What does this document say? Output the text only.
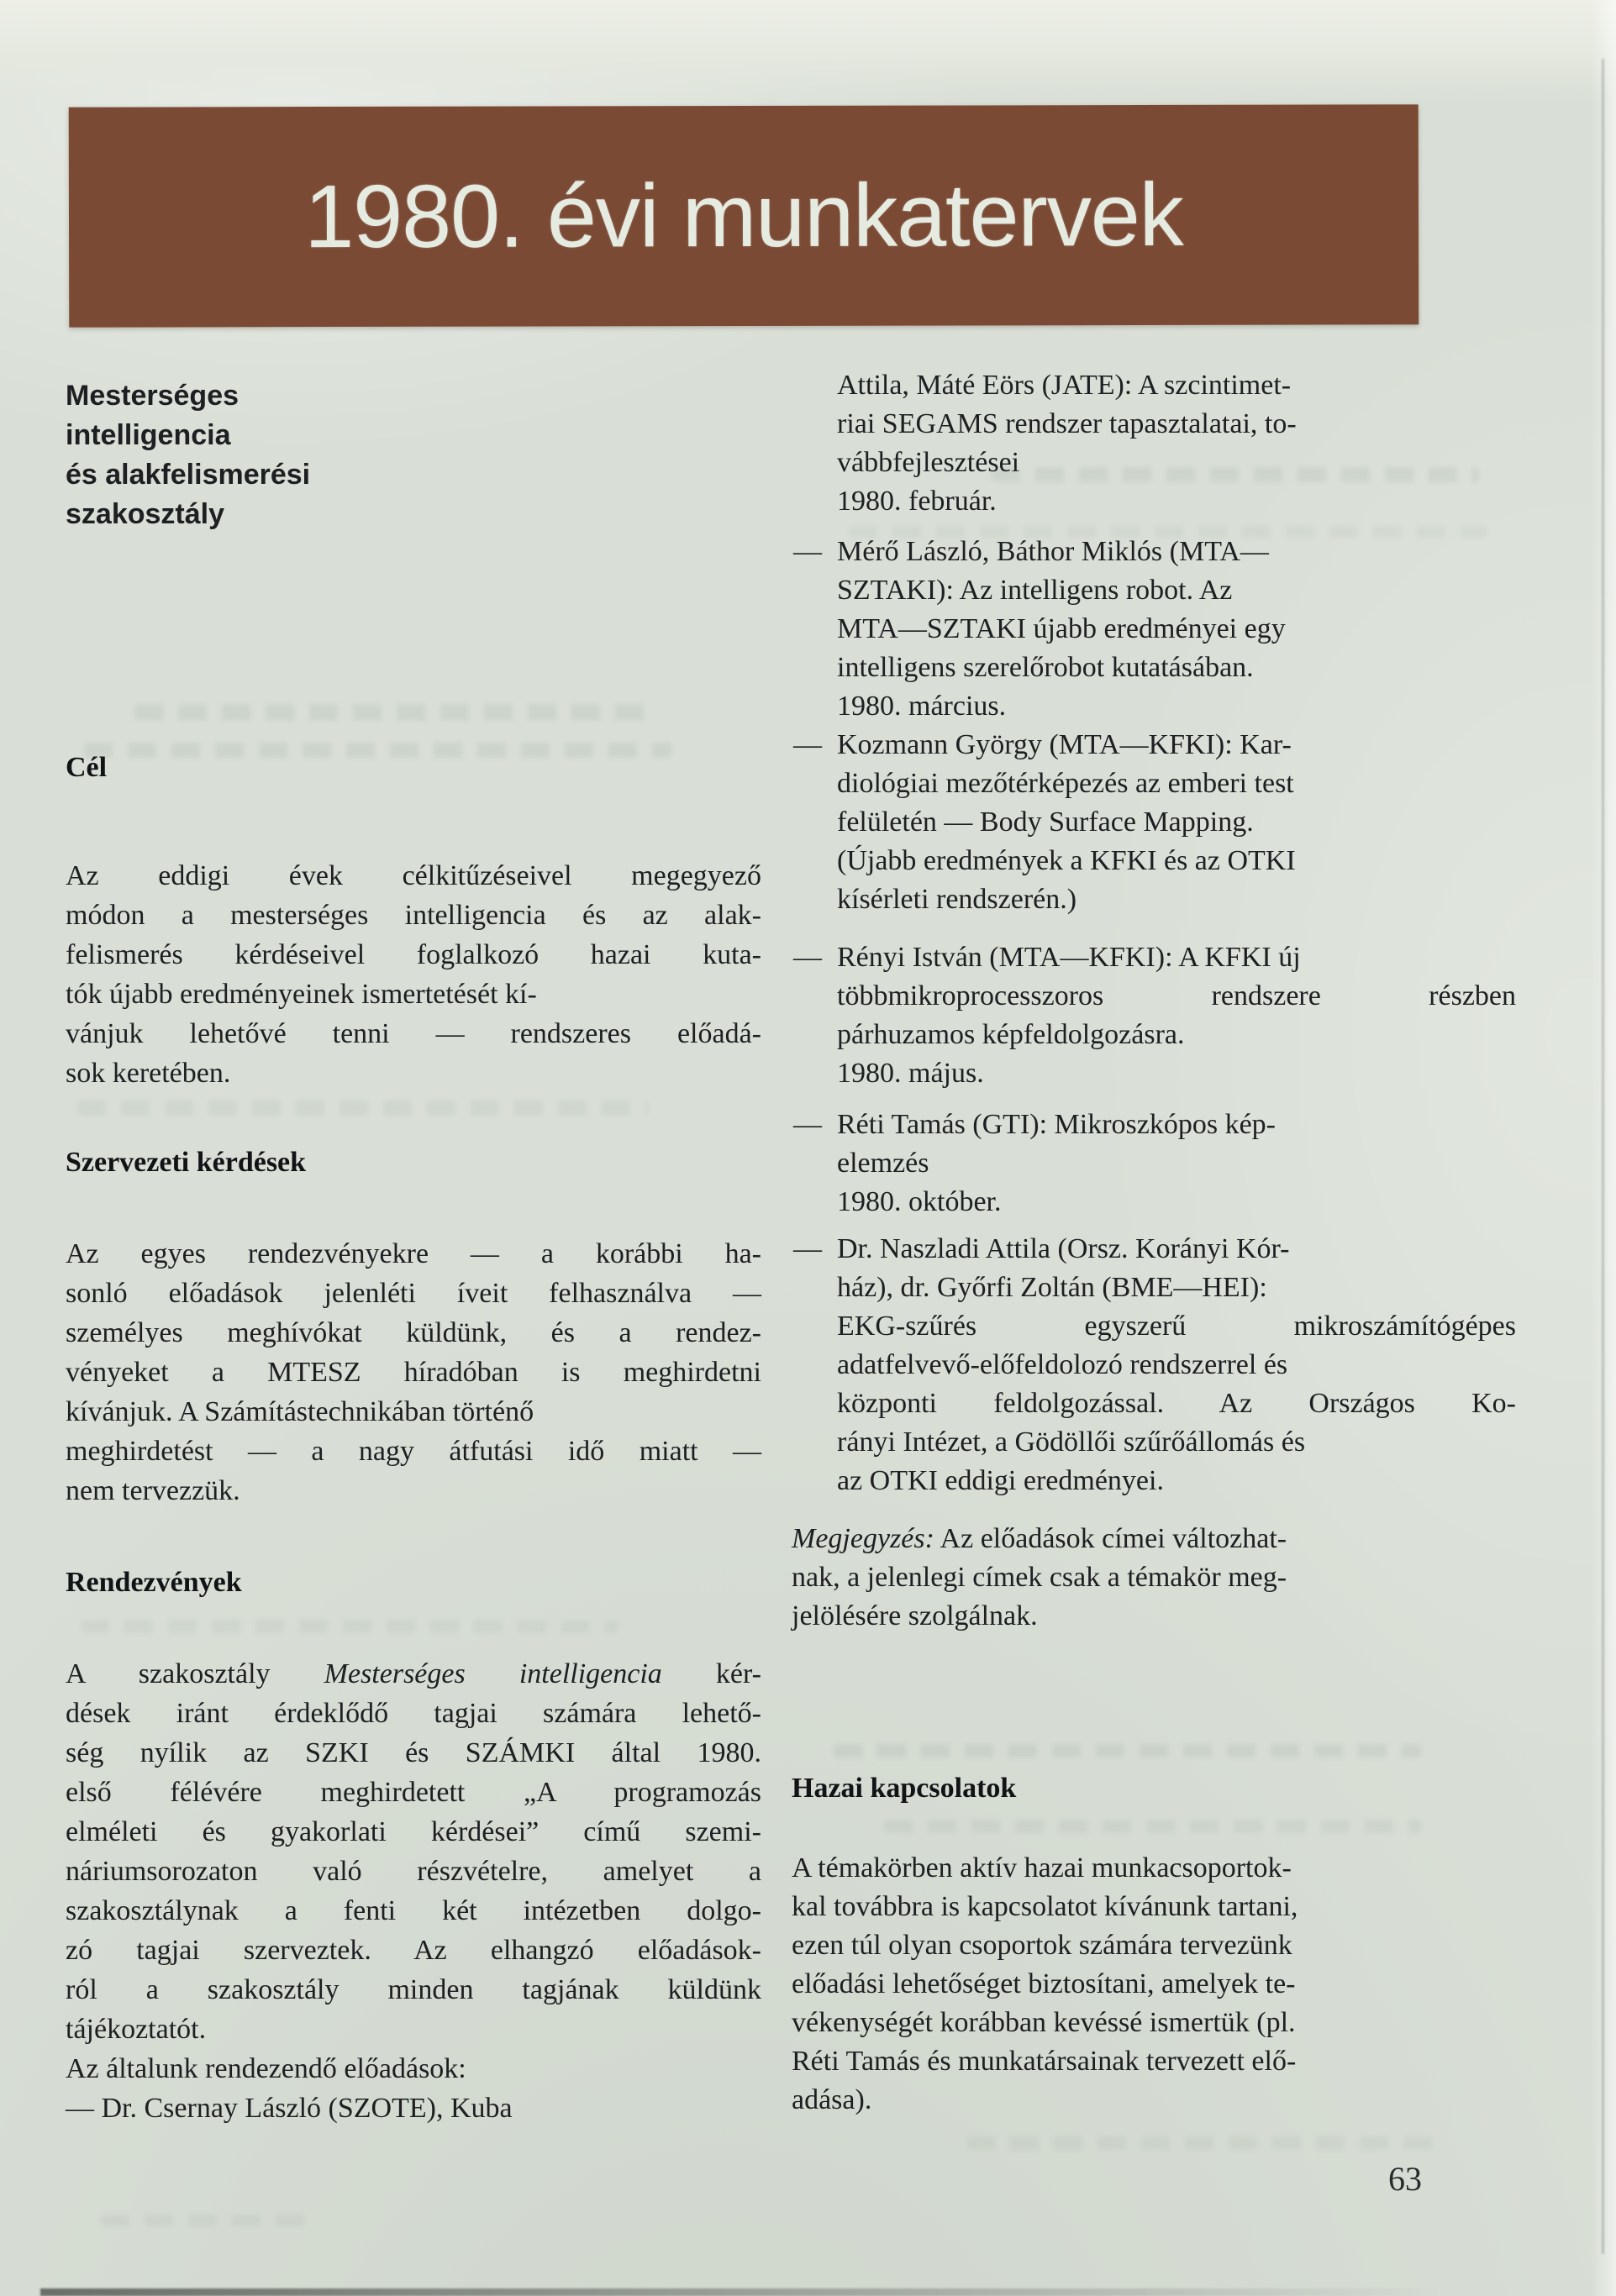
1980. évi munkatervek
Mesterséges
intelligencia
és alakfelismerési
szakosztály
Cél
Az eddigi évek célkitűzéseivel megegyező
módon a mesterséges intelligencia és az alak-
felismerés kérdéseivel foglalkozó hazai kuta-
tók újabb eredményeinek ismertetését kí-
vánjuk lehetővé tenni — rendszeres előadá-
sok keretében.
Szervezeti kérdések
Az egyes rendezvényekre — a korábbi ha-
sonló előadások jelenléti íveit felhasználva —
személyes meghívókat küldünk, és a rendez-
vényeket a MTESZ híradóban is meghirdetni
kívánjuk. A Számítástechnikában történő
meghirdetést — a nagy átfutási idő miatt —
nem tervezzük.
Rendezvények
A szakosztály Mesterséges intelligencia kér-
dések iránt érdeklődő tagjai számára lehető-
ség nyílik az SZKI és SZÁMKI által 1980.
első félévére meghirdetett „A programozás
elméleti és gyakorlati kérdései” című szemi-
náriumsorozaton való részvételre, amelyet a
szakosztálynak a fenti két intézetben dolgo-
zó tagjai szerveztek. Az elhangzó előadások-
ról a szakosztály minden tagjának küldünk
tájékoztatót.
Az általunk rendezendő előadások:
— Dr. Csernay László (SZOTE), Kuba
Attila, Máté Eörs (JATE): A szcintimet-
riai SEGAMS rendszer tapasztalatai, to-
vábbfejlesztései
1980. február.
— Mérő László, Báthor Miklós (MTA—
SZTAKI): Az intelligens robot. Az
MTA—SZTAKI újabb eredményei egy
intelligens szerelőrobot kutatásában.
1980. március.
— Kozmann György (MTA—KFKI): Kar-
diológiai mezőtérképezés az emberi test
felületén — Body Surface Mapping.
(Újabb eredmények a KFKI és az OTKI
kísérleti rendszerén.)
— Rényi István (MTA—KFKI): A KFKI új
többmikroprocesszoros rendszere részben
párhuzamos képfeldolgozásra.
1980. május.
— Réti Tamás (GTI): Mikroszkópos kép-
elemzés
1980. október.
— Dr. Naszladi Attila (Orsz. Korányi Kór-
ház), dr. Győrfi Zoltán (BME—HEI):
EKG-szűrés egyszerű mikroszámítógépes
adatfelvevő-előfeldolozó rendszerrel és
központi feldolgozással. Az Országos Ko-
rányi Intézet, a Gödöllői szűrőállomás és
az OTKI eddigi eredményei.
Megjegyzés: Az előadások címei változhat-
nak, a jelenlegi címek csak a témakör meg-
jelölésére szolgálnak.
Hazai kapcsolatok
A témakörben aktív hazai munkacsoportok-
kal továbbra is kapcsolatot kívánunk tartani,
ezen túl olyan csoportok számára tervezünk
előadási lehetőséget biztosítani, amelyek te-
vékenységét korábban kevéssé ismertük (pl.
Réti Tamás és munkatársainak tervezett elő-
adása).
63
